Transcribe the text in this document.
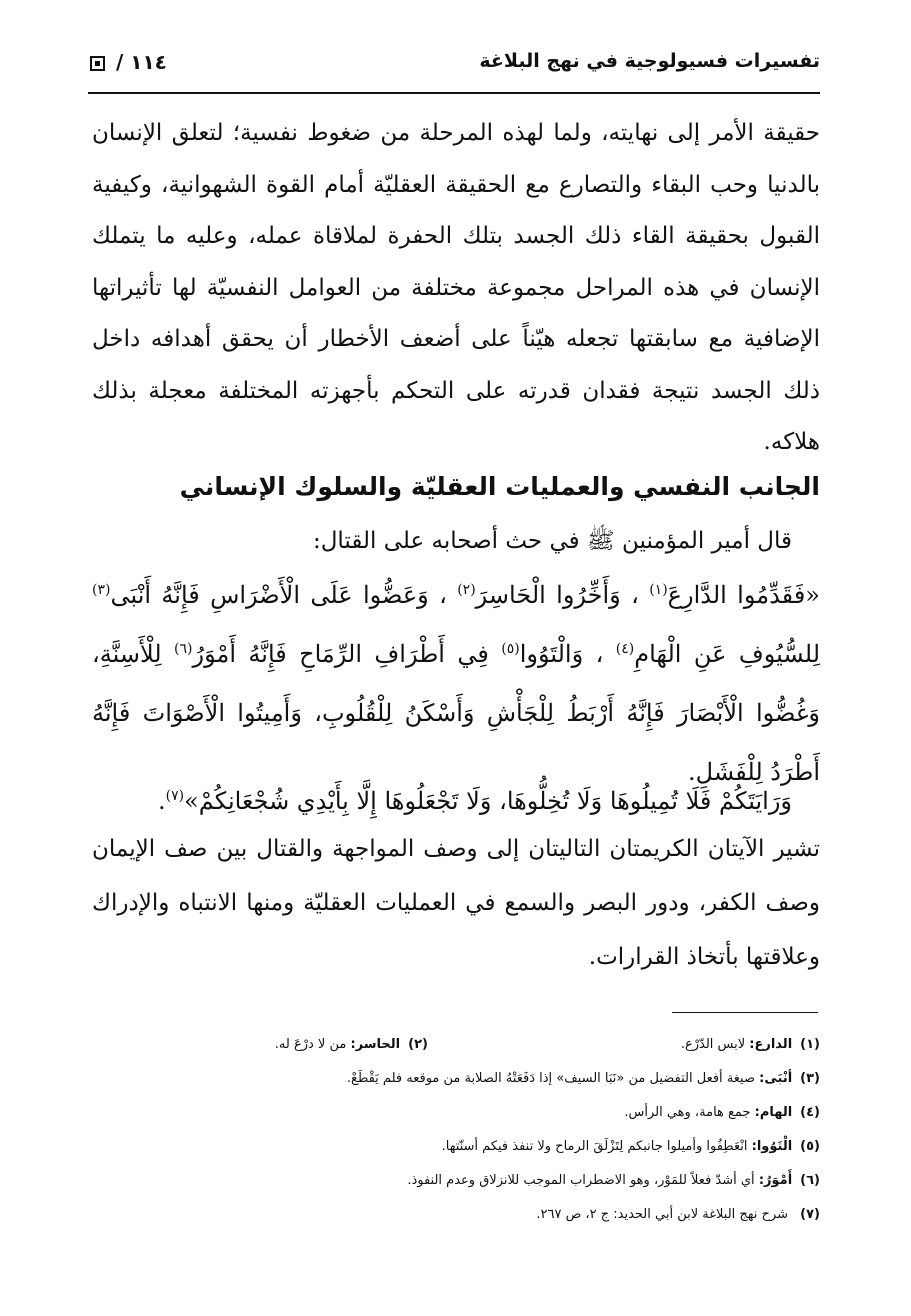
تفسيرات فسيولوجية في نهج البلاغة
/ ١١٤
حقيقة الأمر إلى نهايته، ولما لهذه المرحلة من ضغوط نفسية؛ لتعلق الإنسان بالدنيا وحب البقاء والتصارع مع الحقيقة العقليّة أمام القوة الشهوانية، وكيفية القبول بحقيقة القاء ذلك الجسد بتلك الحفرة لملاقاة عمله، وعليه ما يتملك الإنسان في هذه المراحل مجموعة مختلفة من العوامل النفسيّة لها تأثيراتها الإضافية مع سابقتها تجعله هيّناً على أضعف الأخطار أن يحقق أهدافه داخل ذلك الجسد نتيجة فقدان قدرته على التحكم بأجهزته المختلفة معجلة بذلك هلاكه.
الجانب النفسي والعمليات العقليّة والسلوك الإنساني
قال أمير المؤمنين ﷺ في حث أصحابه على القتال:
«فَقَدِّمُوا الدَّارِعَ$^{(١)}$ ، وَأَخِّرُوا الْحَاسِرَ$^{(٢)}$ ، وَعَضُّوا عَلَى الْأَضْرَاسِ فَإِنَّهُ أَنْبَى$^{(٣)}$ لِلسُّيُوفِ عَنِ الْهَامِ$^{(٤)}$ ، وَالْتَوُوا$^{(٥)}$ فِي أَطْرَافِ الرِّمَاحِ فَإِنَّهُ أَمْوَرُ$^{(٦)}$ لِلْأَسِنَّةِ، وَغُضُّوا الْأَبْصَارَ فَإِنَّهُ أَرْبَطُ لِلْجَأْشِ وَأَسْكَنُ لِلْقُلُوبِ، وَأَمِيتُوا الْأَصْوَاتَ فَإِنَّهُ أَطْرَدُ لِلْفَشَلِ.
وَرَايَتَكُمْ فَلَا تُمِيلُوهَا وَلَا تُخِلُّوهَا، وَلَا تَجْعَلُوهَا إِلَّا بِأَيْدِي شُجْعَانِكُمْ»$^{(٧)}$.
تشير الآيتان الكريمتان التاليتان إلى وصف المواجهة والقتال بين صف الإيمان وصف الكفر، ودور البصر والسمع في العمليات العقليّة ومنها الانتباه والإدراك وعلاقتها بأتخاذ القرارات.
(١)الدارع: لابس الدّرْع.
(٢)الحاسر: من لا درْعَ له.
(٣)أنْبَى: صيغة أفعل التفضيل من «نَبَا السيف» إذا دَفَعَتْهُ الصلابة من موقعه فلم يَقْطَعْ.
(٤)الهام: جمع هامة، وهي الرأس.
(٥)الْتَوُوا: انْعَطِفُوا وأميلوا جانبكم لِتَزْلَقَ الرماح ولا تنفذ فيكم أسنّتها.
(٦)أَمْوَرُ: أي أشدّ فعلاً للمَوْر، وهو الاضطراب الموجب للانزلاق وعدم النفوذ.
(٧) شرح نهج البلاغة لابن أبي الحديد: ج ٢، ص ٢٦٧.
